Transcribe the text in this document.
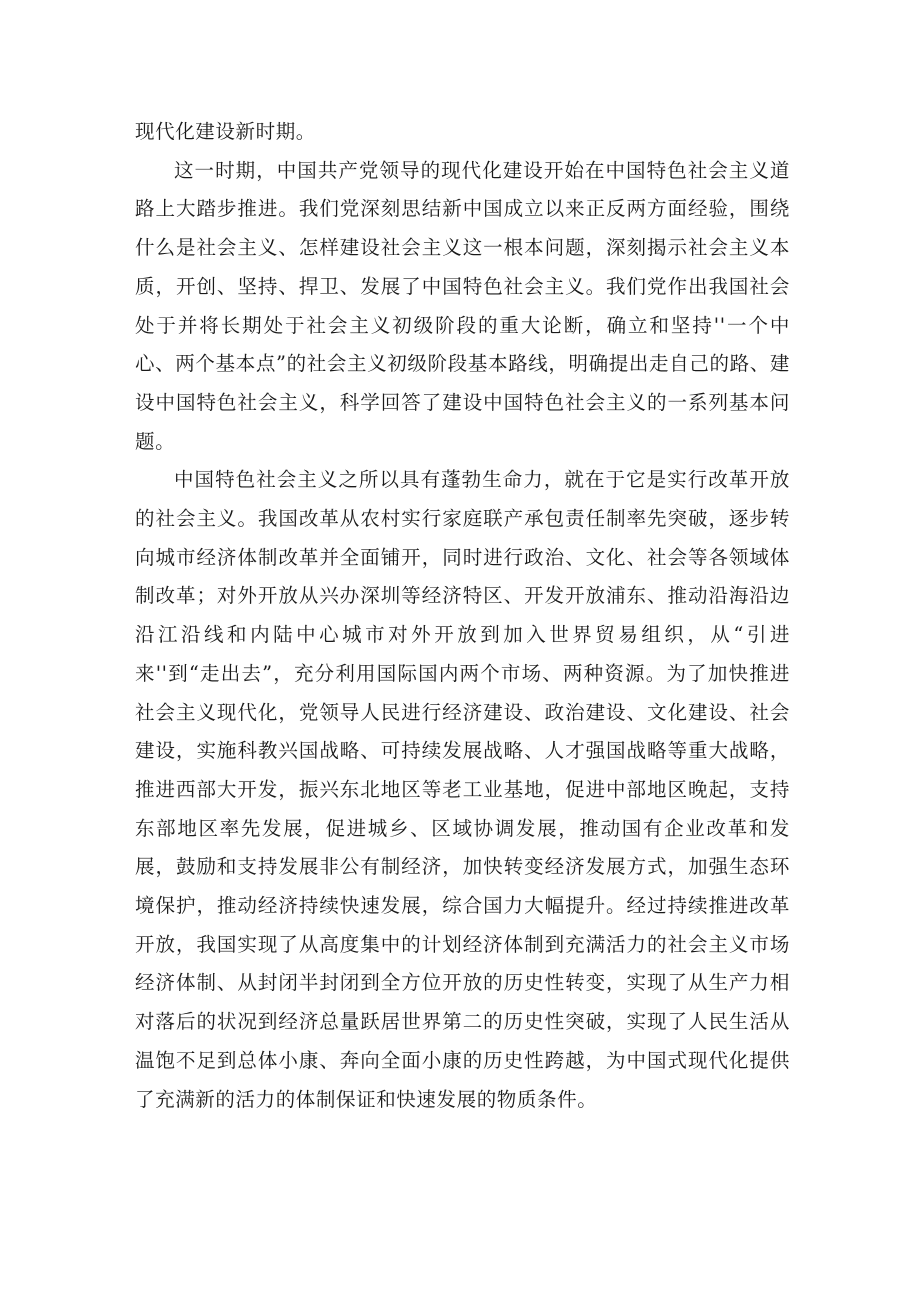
现代化建设新时期。

这一时期，中国共产党领导的现代化建设开始在中国特色社会主义道路上大踏步推进。我们党深刻思结新中国成立以来正反两方面经验，围绕什么是社会主义、怎样建设社会主义这一根本问题，深刻揭示社会主义本质，开创、坚持、捍卫、发展了中国特色社会主义。我们党作出我国社会处于并将长期处于社会主义初级阶段的重大论断，确立和坚持''一个中心、两个基本点”的社会主义初级阶段基本路线，明确提出走自己的路、建设中国特色社会主义，科学回答了建设中国特色社会主义的一系列基本问题。

中国特色社会主义之所以具有蓬勃生命力，就在于它是实行改革开放的社会主义。我国改革从农村实行家庭联产承包责任制率先突破，逐步转向城市经济体制改革并全面铺开，同时进行政治、文化、社会等各领域体制改革；对外开放从兴办深圳等经济特区、开发开放浦东、推动沿海沿边沿江沿线和内陆中心城市对外开放到加入世界贸易组织，从“引进来''到“走出去”，充分利用国际国内两个市场、两种资源。为了加快推进社会主义现代化，党领导人民进行经济建设、政治建设、文化建设、社会建设，实施科教兴国战略、可持续发展战略、人才强国战略等重大战略，推进西部大开发，振兴东北地区等老工业基地，促进中部地区晚起，支持东部地区率先发展，促进城乡、区域协调发展，推动国有企业改革和发展，鼓励和支持发展非公有制经济，加快转变经济发展方式，加强生态环境保护，推动经济持续快速发展，综合国力大幅提升。经过持续推进改革开放，我国实现了从高度集中的计划经济体制到充满活力的社会主义市场经济体制、从封闭半封闭到全方位开放的历史性转变，实现了从生产力相对落后的状况到经济总量跃居世界第二的历史性突破，实现了人民生活从温饱不足到总体小康、奔向全面小康的历史性跨越，为中国式现代化提供了充满新的活力的体制保证和快速发展的物质条件。
